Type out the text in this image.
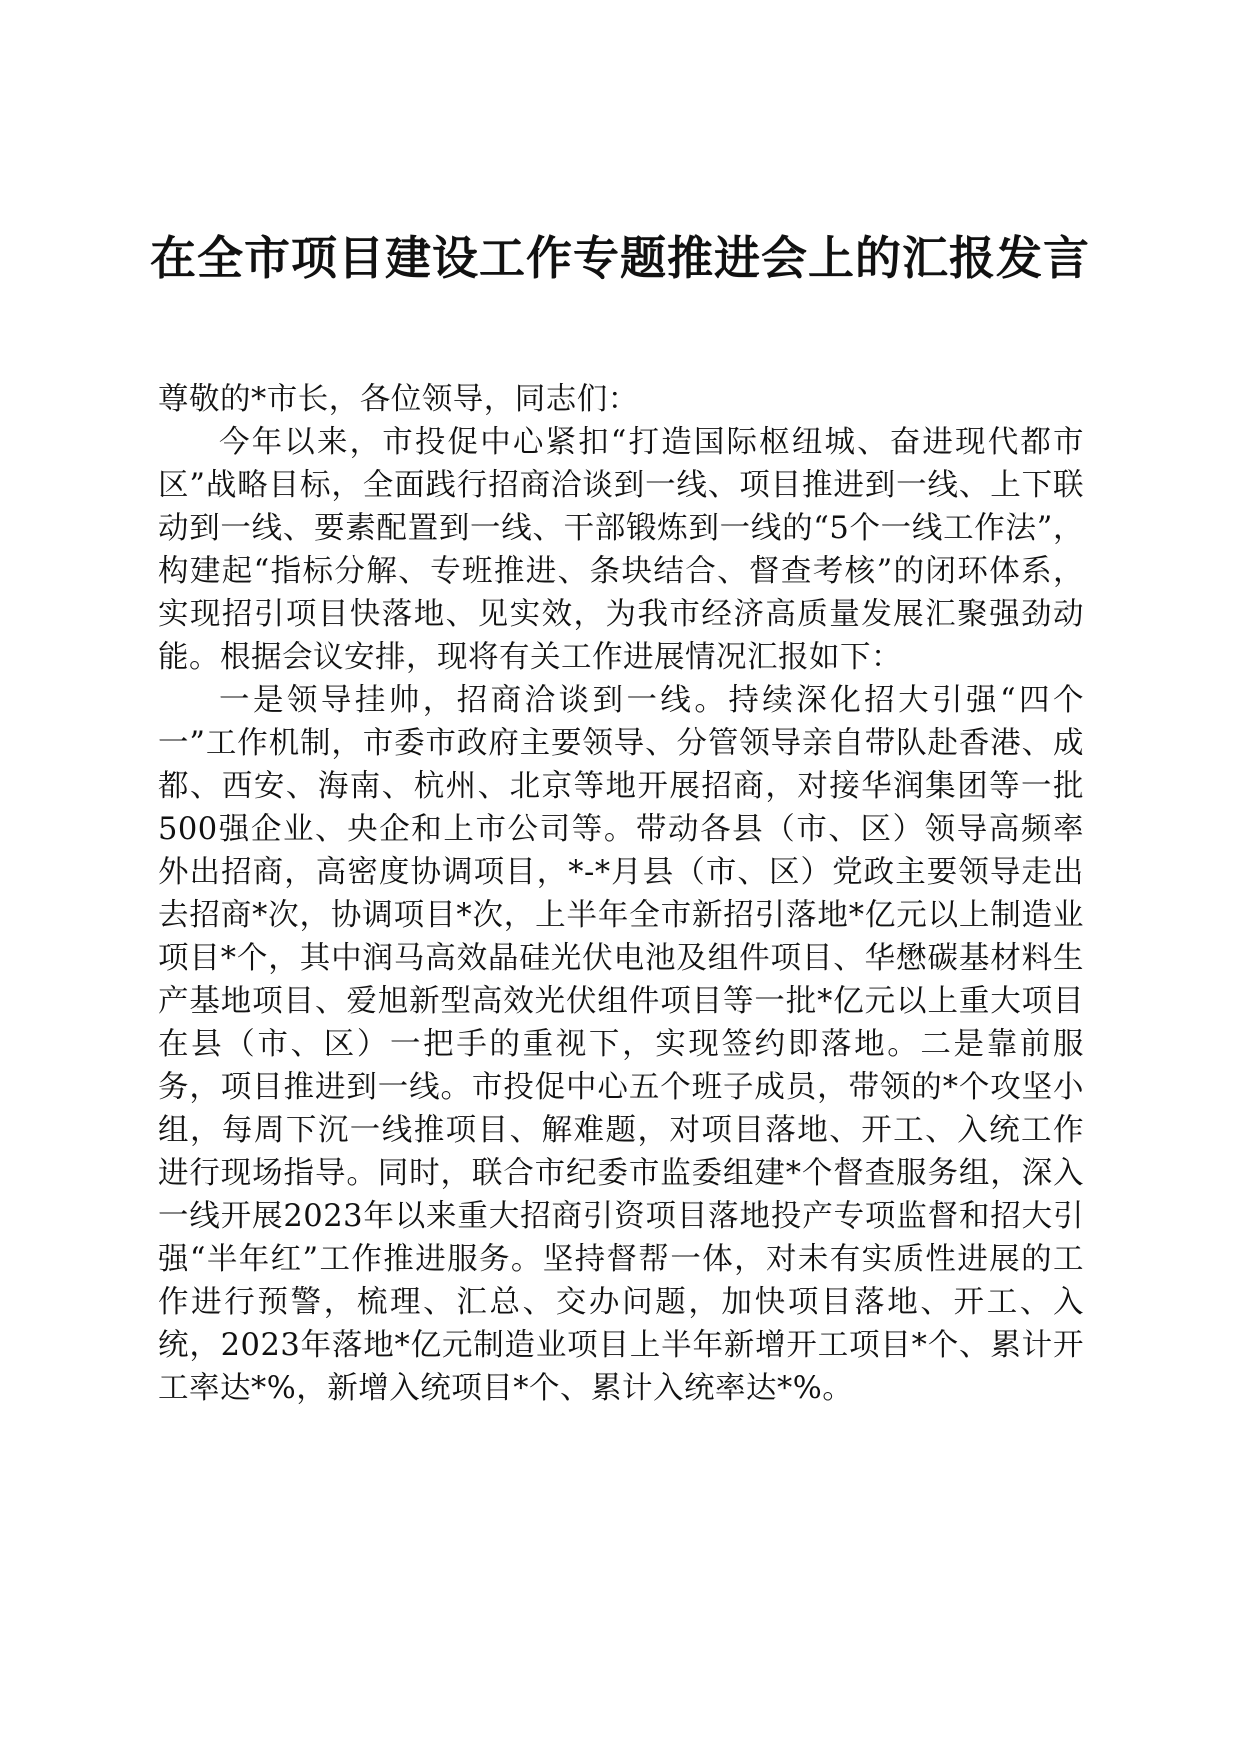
在全市项目建设工作专题推进会上的汇报发言

尊敬的*市长，各位领导，同志们：

今年以来，市投促中心紧扣“打造国际枢纽城、奋进现代都市区”战略目标，全面践行招商洽谈到一线、项目推进到一线、上下联动到一线、要素配置到一线、干部锻炼到一线的“5个一线工作法”，构建起“指标分解、专班推进、条块结合、督查考核”的闭环体系，实现招引项目快落地、见实效，为我市经济高质量发展汇聚强劲动能。根据会议安排，现将有关工作进展情况汇报如下：

一是领导挂帅，招商洽谈到一线。持续深化招大引强“四个一”工作机制，市委市政府主要领导、分管领导亲自带队赴香港、成都、西安、海南、杭州、北京等地开展招商，对接华润集团等一批500强企业、央企和上市公司等。带动各县（市、区）领导高频率外出招商，高密度协调项目，*-*月县（市、区）党政主要领导走出去招商*次，协调项目*次，上半年全市新招引落地*亿元以上制造业项目*个，其中润马高效晶硅光伏电池及组件项目、华懋碳基材料生产基地项目、爱旭新型高效光伏组件项目等一批*亿元以上重大项目在县（市、区）一把手的重视下，实现签约即落地。二是靠前服务，项目推进到一线。市投促中心五个班子成员，带领的*个攻坚小组，每周下沉一线推项目、解难题，对项目落地、开工、入统工作进行现场指导。同时，联合市纪委市监委组建*个督查服务组，深入一线开展2023年以来重大招商引资项目落地投产专项监督和招大引强“半年红”工作推进服务。坚持督帮一体，对未有实质性进展的工作进行预警，梳理、汇总、交办问题，加快项目落地、开工、入统，2023年落地*亿元制造业项目上半年新增开工项目*个、累计开工率达*%，新增入统项目*个、累计入统率达*%。
